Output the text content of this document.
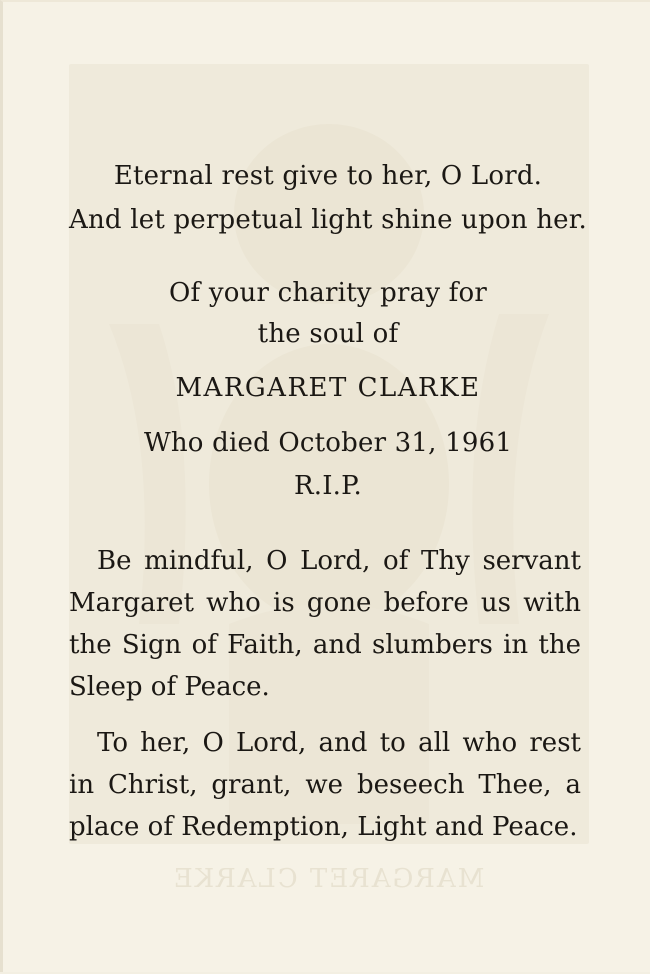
MARGARET CLARKE
Eternal rest give to her, O Lord.
And let perpetual light shine upon her.
Of your charity pray for
the soul of
MARGARET CLARKE
Who died October 31, 1961
R.I.P.
Be mindful, O Lord, of Thy servant
Margaret who is gone before us with the Sign of Faith, and slumbers in the Sleep of Peace.
To her, O Lord, and to all who rest
in Christ, grant, we beseech Thee, a place of Redemption, Light and Peace.
